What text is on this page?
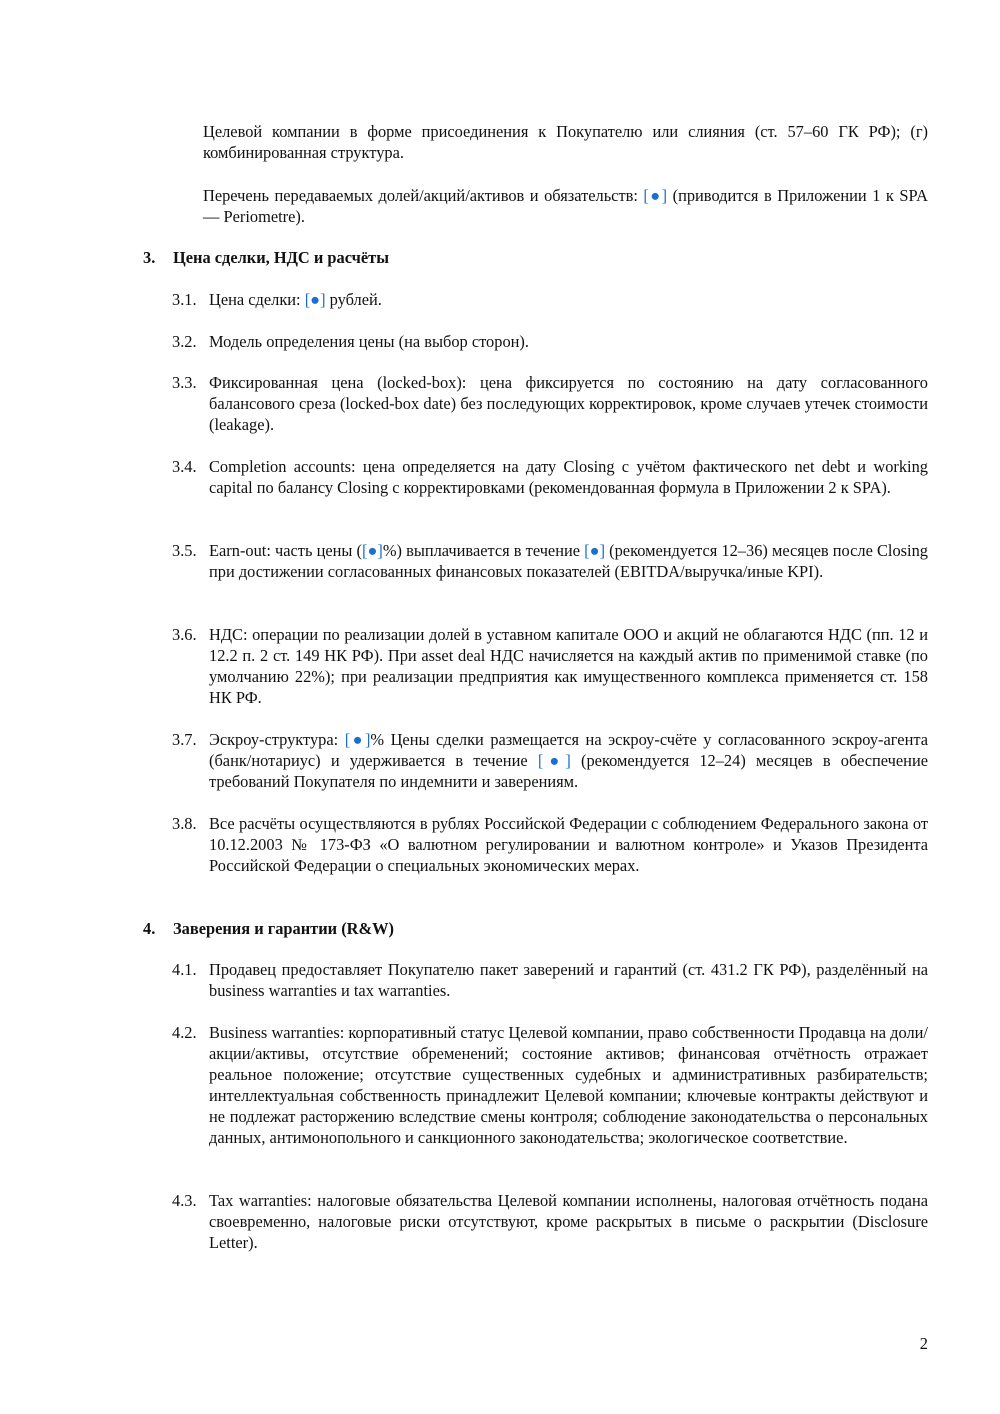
Целевой компании в форме присоединения к Покупателю или слияния (ст. 57–60 ГК РФ); (г) комбинированная структура.

Перечень передаваемых долей/акций/активов и обязательств: [●] (приводится в Приложении 1 к SPA — Periometre).

3. Цена сделки, НДС и расчёты

3.1. Цена сделки: [●] рублей.

3.2. Модель определения цены (на выбор сторон).

3.3. Фиксированная цена (locked-box): цена фиксируется по состоянию на дату согласованного балансового среза (locked-box date) без последующих корректировок, кроме случаев утечек стоимости (leakage).

3.4. Completion accounts: цена определяется на дату Closing с учётом фактического net debt и working capital по балансу Closing с корректировками (рекомендованная формула в Приложении 2 к SPA).

3.5. Earn-out: часть цены ([●]%) выплачивается в течение [●] (рекомендуется 12–36) месяцев после Closing при достижении согласованных финансовых показателей (EBITDA/выручка/иные KPI).

3.6. НДС: операции по реализации долей в уставном капитале ООО и акций не облагаются НДС (пп. 12 и 12.2 п. 2 ст. 149 НК РФ). При asset deal НДС начисляется на каждый актив по применимой ставке (по умолчанию 22%); при реализации предприятия как имущественного комплекса применяется ст. 158 НК РФ.

3.7. Эскроу-структура: [●]% Цены сделки размещается на эскроу-счёте у согласованного эскроу-агента (банк/нотариус) и удерживается в течение [●] (рекомендуется 12–24) месяцев в обеспечение требований Покупателя по индемнити и заверениям.

3.8. Все расчёты осуществляются в рублях Российской Федерации с соблюдением Федерального закона от 10.12.2003 № 173-ФЗ «О валютном регулировании и валютном контроле» и Указов Президента Российской Федерации о специальных экономических мерах.

4. Заверения и гарантии (R&W)

4.1. Продавец предоставляет Покупателю пакет заверений и гарантий (ст. 431.2 ГК РФ), разделённый на business warranties и tax warranties.

4.2. Business warranties: корпоративный статус Целевой компании, право собственности Продавца на доли/акции/активы, отсутствие обременений; состояние активов; финансовая отчётность отражает реальное положение; отсутствие существенных судебных и административных разбирательств; интеллектуальная собственность принадлежит Целевой компании; ключевые контракты действуют и не подлежат расторжению вследствие смены контроля; соблюдение законодательства о персональных данных, антимонопольного и санкционного законодательства; экологическое соответствие.

4.3. Tax warranties: налоговые обязательства Целевой компании исполнены, налоговая отчётность подана своевременно, налоговые риски отсутствуют, кроме раскрытых в письме о раскрытии (Disclosure Letter).

2
